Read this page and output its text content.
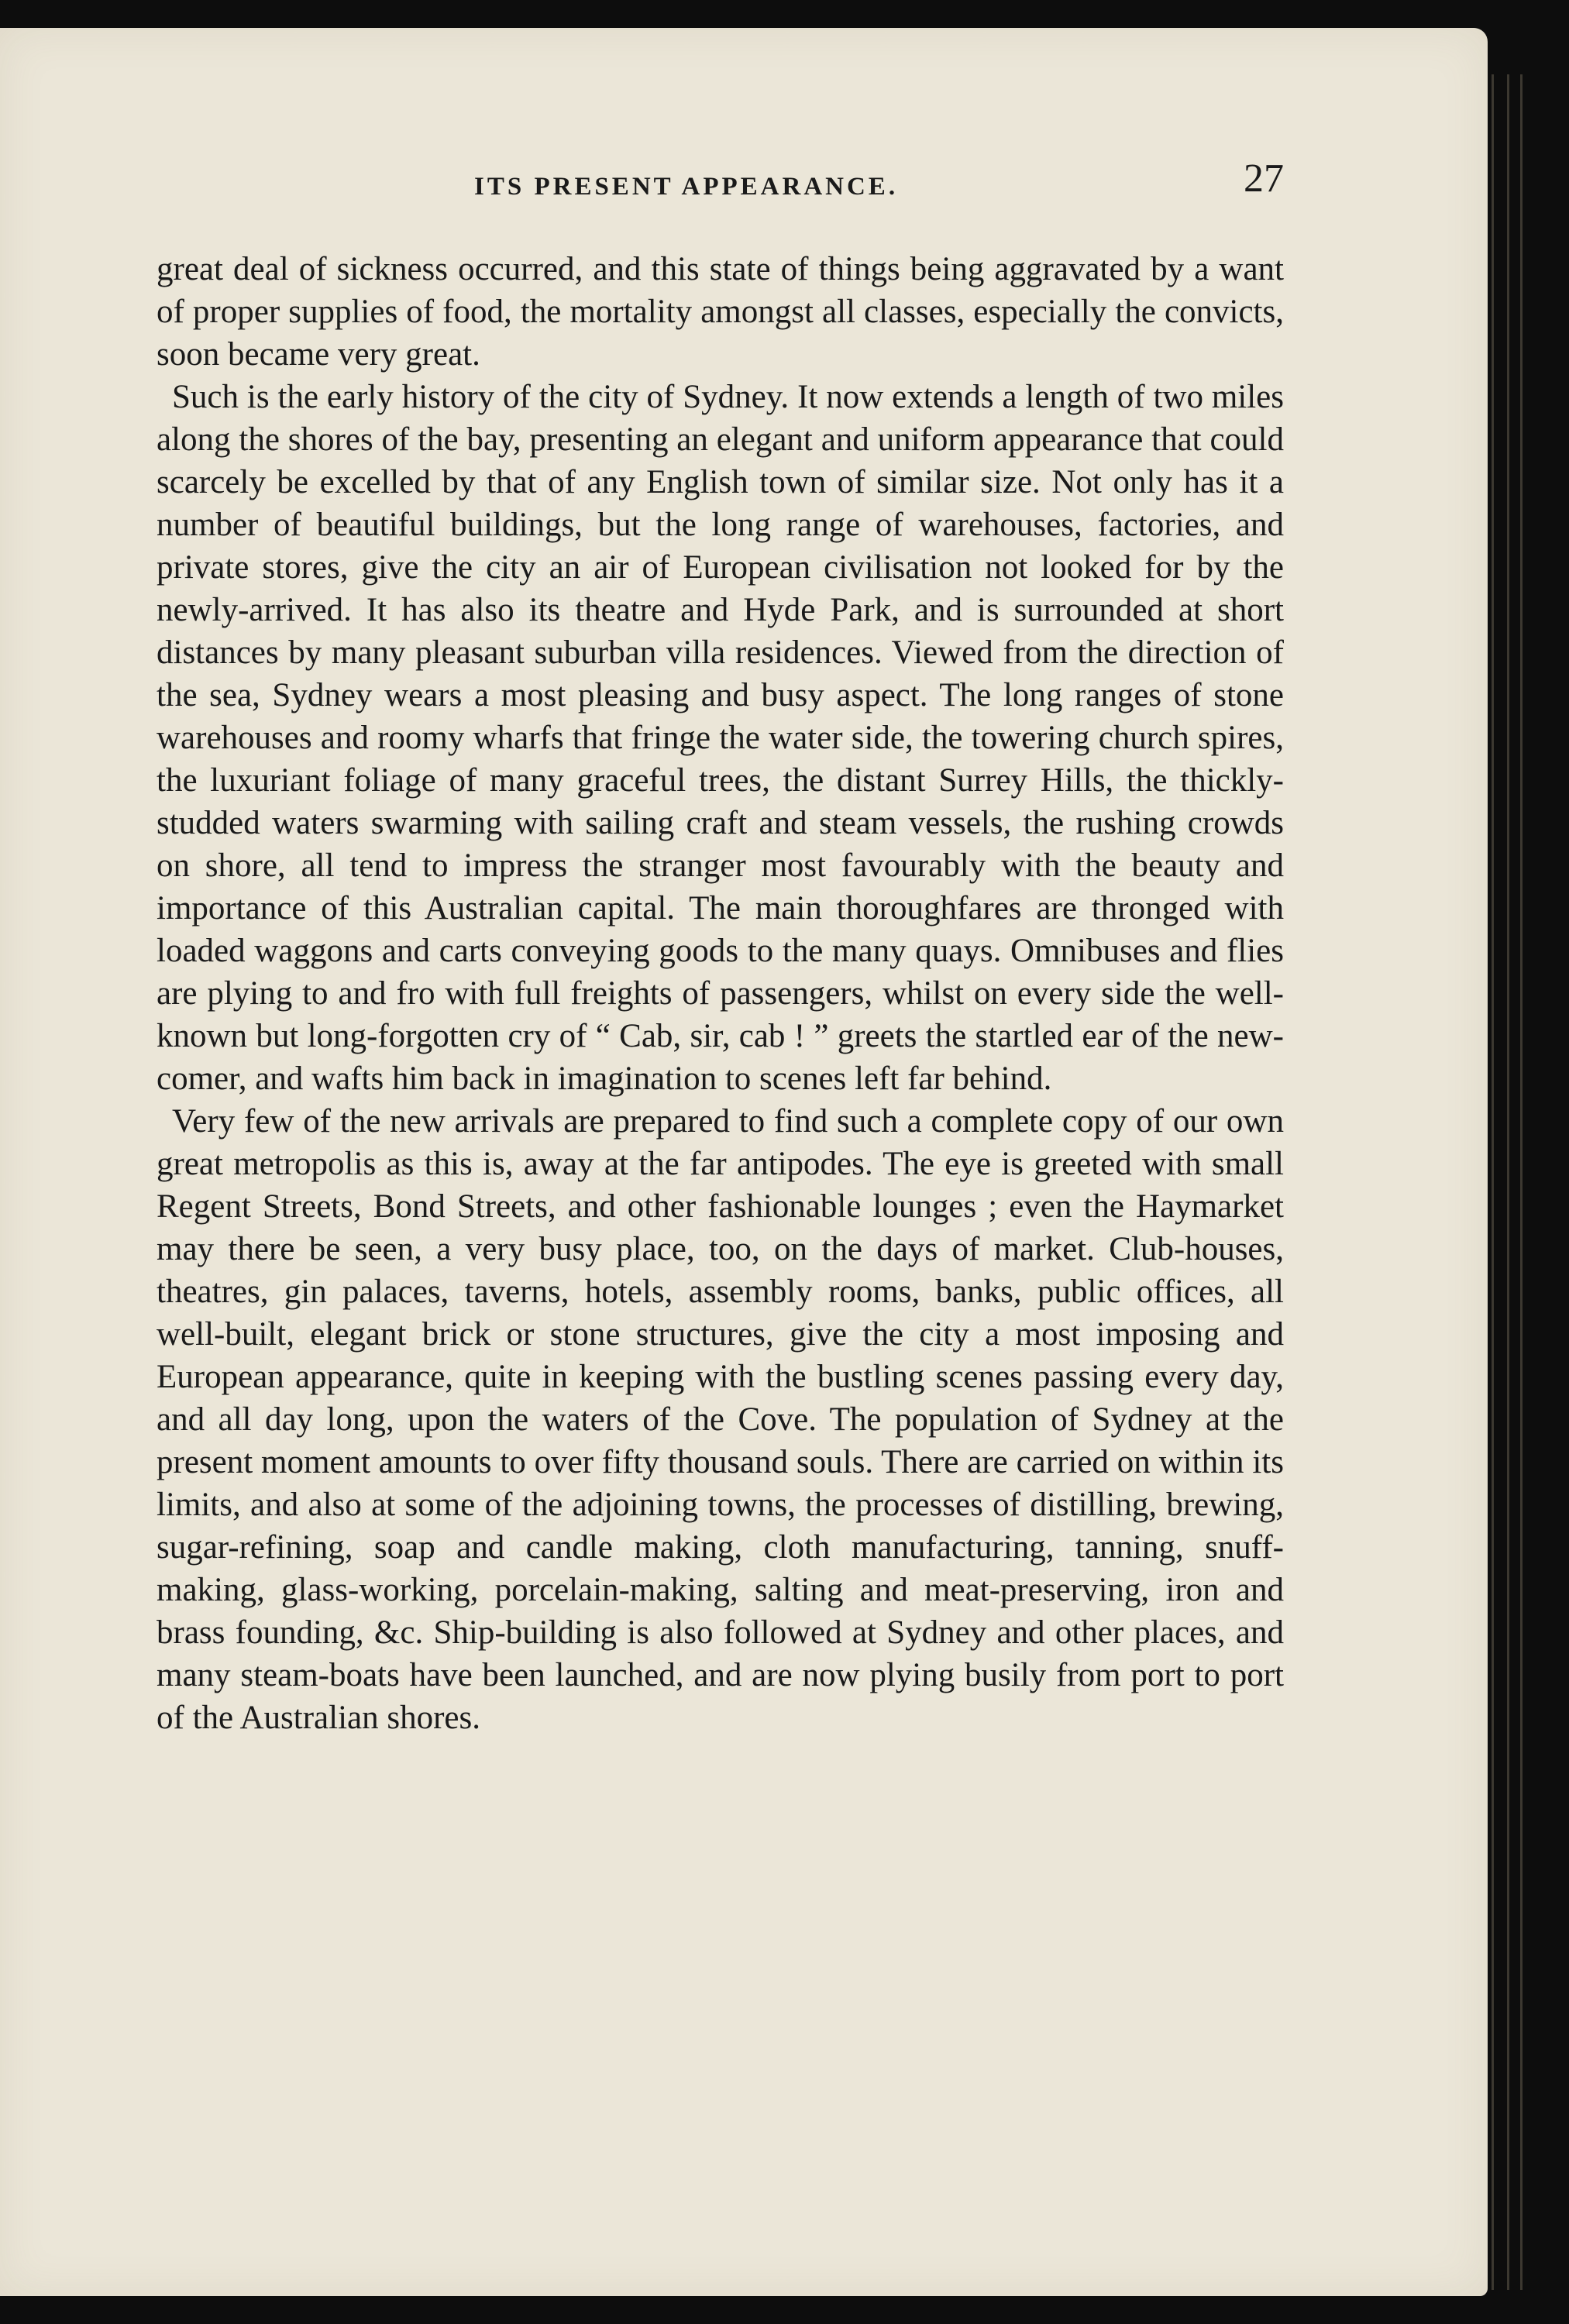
ITS PRESENT APPEARANCE.	27

great deal of sickness occurred, and this state of things being aggravated by a want of proper supplies of food, the mortality amongst all classes, especially the convicts, soon became very great.

Such is the early history of the city of Sydney. It now extends a length of two miles along the shores of the bay, presenting an elegant and uniform appearance that could scarcely be excelled by that of any English town of similar size. Not only has it a number of beautiful buildings, but the long range of warehouses, factories, and private stores, give the city an air of European civilisation not looked for by the newly-arrived. It has also its theatre and Hyde Park, and is surrounded at short distances by many pleasant suburban villa residences. Viewed from the direction of the sea, Sydney wears a most pleasing and busy aspect. The long ranges of stone warehouses and roomy wharfs that fringe the water side, the towering church spires, the luxuriant foliage of many graceful trees, the distant Surrey Hills, the thickly-studded waters swarming with sailing craft and steam vessels, the rushing crowds on shore, all tend to impress the stranger most favourably with the beauty and importance of this Australian capital. The main thoroughfares are thronged with loaded waggons and carts conveying goods to the many quays. Omnibuses and flies are plying to and fro with full freights of passengers, whilst on every side the well-known but long-forgotten cry of “ Cab, sir, cab ! ” greets the startled ear of the new-comer, and wafts him back in imagination to scenes left far behind.

Very few of the new arrivals are prepared to find such a complete copy of our own great metropolis as this is, away at the far antipodes. The eye is greeted with small Regent Streets, Bond Streets, and other fashionable lounges ; even the Haymarket may there be seen, a very busy place, too, on the days of market. Club-houses, theatres, gin palaces, taverns, hotels, assembly rooms, banks, public offices, all well-built, elegant brick or stone structures, give the city a most imposing and European appearance, quite in keeping with the bustling scenes passing every day, and all day long, upon the waters of the Cove. The population of Sydney at the present moment amounts to over fifty thousand souls. There are carried on within its limits, and also at some of the adjoining towns, the processes of distilling, brewing, sugar-refining, soap and candle making, cloth manufacturing, tanning, snuff-making, glass-working, porcelain-making, salting and meat-preserving, iron and brass founding, &c. Ship-building is also followed at Sydney and other places, and many steam-boats have been launched, and are now plying busily from port to port of the Australian shores.
